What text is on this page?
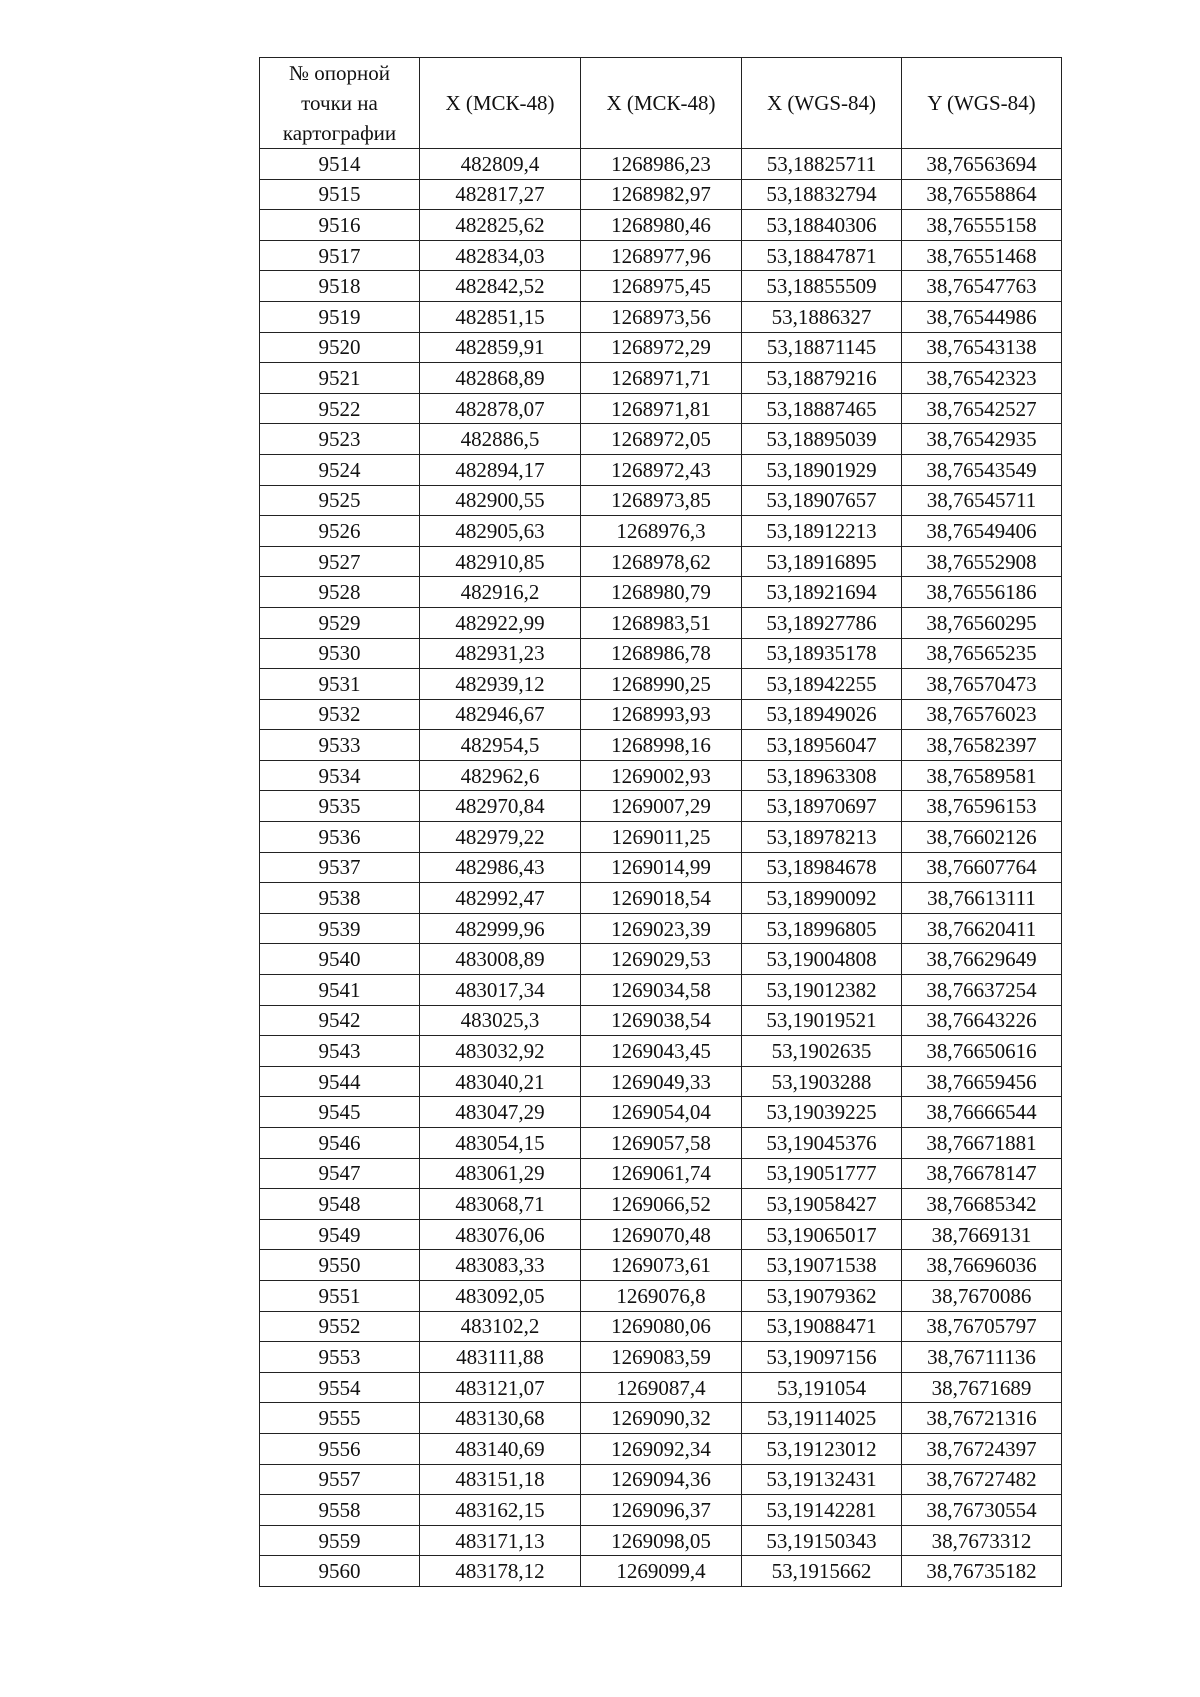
№ опорной точки на картографии	X (МСК-48)	X (МСК-48)	X (WGS-84)	Y (WGS-84)
9514	482809,4	1268986,23	53,18825711	38,76563694
9515	482817,27	1268982,97	53,18832794	38,76558864
9516	482825,62	1268980,46	53,18840306	38,76555158
9517	482834,03	1268977,96	53,18847871	38,76551468
9518	482842,52	1268975,45	53,18855509	38,76547763
9519	482851,15	1268973,56	53,1886327	38,76544986
9520	482859,91	1268972,29	53,18871145	38,76543138
9521	482868,89	1268971,71	53,18879216	38,76542323
9522	482878,07	1268971,81	53,18887465	38,76542527
9523	482886,5	1268972,05	53,18895039	38,76542935
9524	482894,17	1268972,43	53,18901929	38,76543549
9525	482900,55	1268973,85	53,18907657	38,76545711
9526	482905,63	1268976,3	53,18912213	38,76549406
9527	482910,85	1268978,62	53,18916895	38,76552908
9528	482916,2	1268980,79	53,18921694	38,76556186
9529	482922,99	1268983,51	53,18927786	38,76560295
9530	482931,23	1268986,78	53,18935178	38,76565235
9531	482939,12	1268990,25	53,18942255	38,76570473
9532	482946,67	1268993,93	53,18949026	38,76576023
9533	482954,5	1268998,16	53,18956047	38,76582397
9534	482962,6	1269002,93	53,18963308	38,76589581
9535	482970,84	1269007,29	53,18970697	38,76596153
9536	482979,22	1269011,25	53,18978213	38,76602126
9537	482986,43	1269014,99	53,18984678	38,76607764
9538	482992,47	1269018,54	53,18990092	38,76613111
9539	482999,96	1269023,39	53,18996805	38,76620411
9540	483008,89	1269029,53	53,19004808	38,76629649
9541	483017,34	1269034,58	53,19012382	38,76637254
9542	483025,3	1269038,54	53,19019521	38,76643226
9543	483032,92	1269043,45	53,1902635	38,76650616
9544	483040,21	1269049,33	53,1903288	38,76659456
9545	483047,29	1269054,04	53,19039225	38,76666544
9546	483054,15	1269057,58	53,19045376	38,76671881
9547	483061,29	1269061,74	53,19051777	38,76678147
9548	483068,71	1269066,52	53,19058427	38,76685342
9549	483076,06	1269070,48	53,19065017	38,7669131
9550	483083,33	1269073,61	53,19071538	38,76696036
9551	483092,05	1269076,8	53,19079362	38,7670086
9552	483102,2	1269080,06	53,19088471	38,76705797
9553	483111,88	1269083,59	53,19097156	38,76711136
9554	483121,07	1269087,4	53,191054	38,7671689
9555	483130,68	1269090,32	53,19114025	38,76721316
9556	483140,69	1269092,34	53,19123012	38,76724397
9557	483151,18	1269094,36	53,19132431	38,76727482
9558	483162,15	1269096,37	53,19142281	38,76730554
9559	483171,13	1269098,05	53,19150343	38,7673312
9560	483178,12	1269099,4	53,1915662	38,76735182
